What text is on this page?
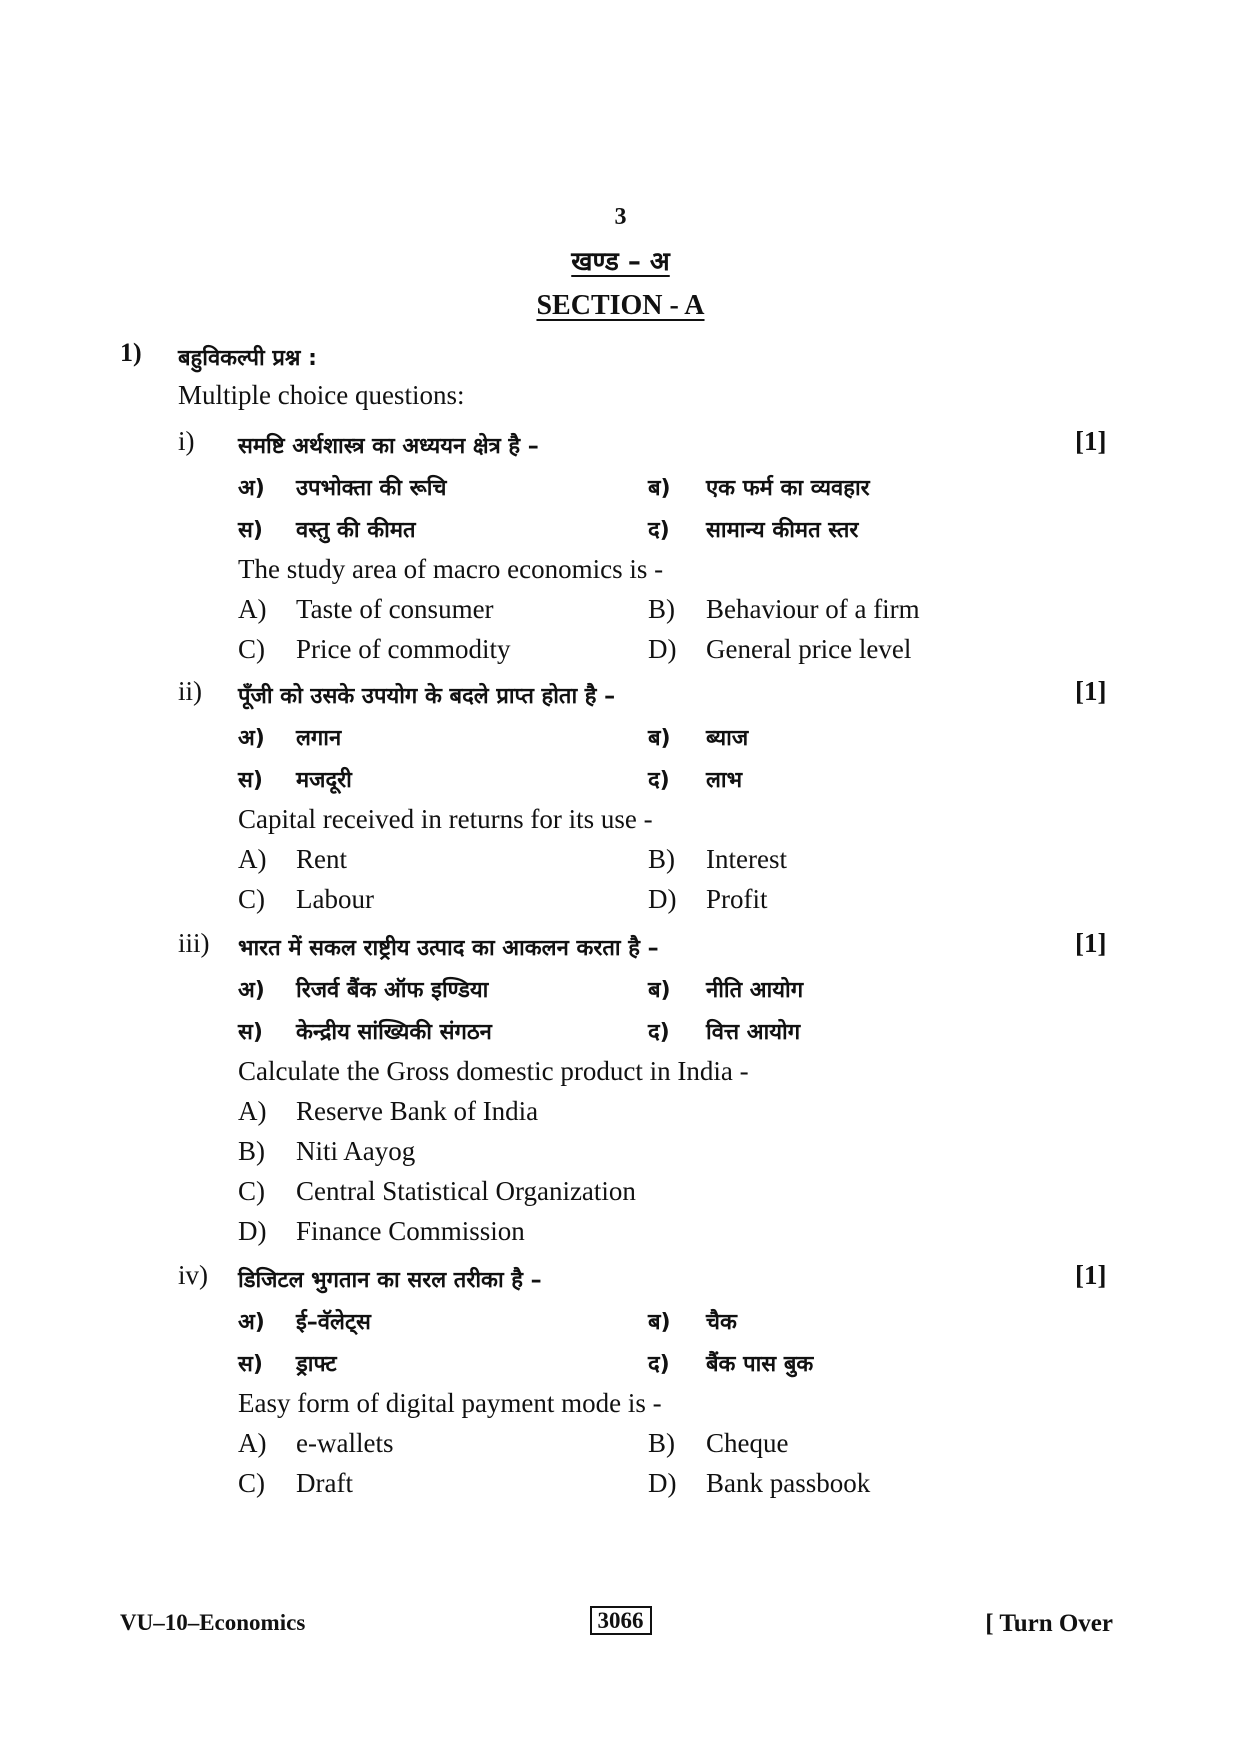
3
खण्ड – अ
SECTION - A
1) बहुविकल्पी प्रश्न :
Multiple choice questions:
i) समष्टि अर्थशास्त्र का अध्ययन क्षेत्र है –	[1]
अ) उपभोक्ता की रूचि	ब) एक फर्म का व्यवहार
स) वस्तु की कीमत	द) सामान्य कीमत स्तर
The study area of macro economics is -
A) Taste of consumer	B) Behaviour of a firm
C) Price of commodity	D) General price level
ii) पूँजी को उसके उपयोग के बदले प्राप्त होता है –	[1]
अ) लगान	ब) ब्याज
स) मजदूरी	द) लाभ
Capital received in returns for its use -
A) Rent	B) Interest
C) Labour	D) Profit
iii) भारत में सकल राष्ट्रीय उत्पाद का आकलन करता है –	[1]
अ) रिजर्व बैंक ऑफ इण्डिया	ब) नीति आयोग
स) केन्द्रीय सांख्यिकी संगठन	द) वित्त आयोग
Calculate the Gross domestic product in India -
A) Reserve Bank of India
B) Niti Aayog
C) Central Statistical Organization
D) Finance Commission
iv) डिजिटल भुगतान का सरल तरीका है –	[1]
अ) ई–वॅलेट्स	ब) चैक
स) ड्राफ्ट	द) बैंक पास बुक
Easy form of digital payment mode is -
A) e-wallets	B) Cheque
C) Draft	D) Bank passbook
VU–10–Economics	3066	[ Turn Over
